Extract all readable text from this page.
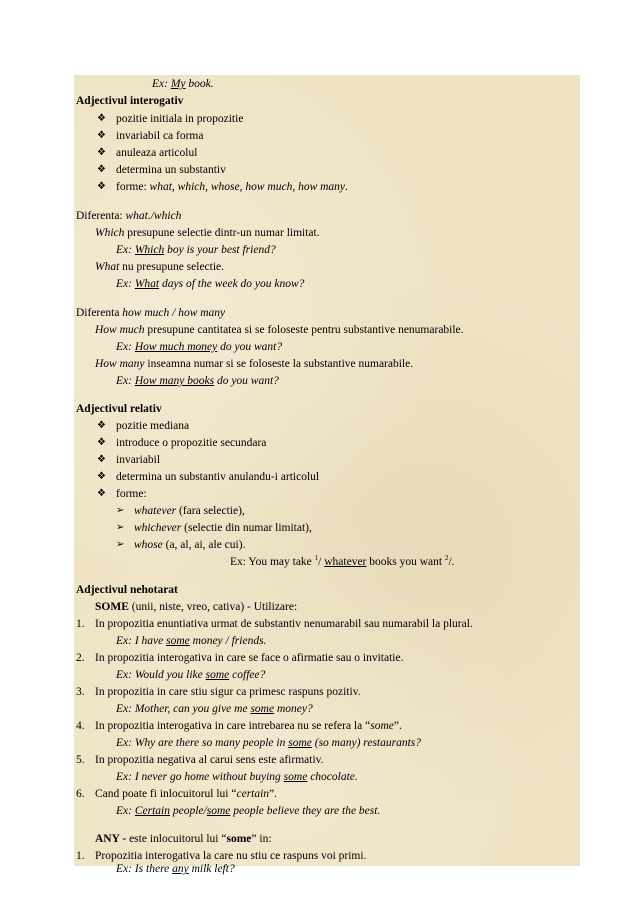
Ex: My book.
Adjectivul interogativ
❖ pozitie initiala in propozitie
❖ invariabil ca forma
❖ anuleaza articolul
❖ determina un substantiv
❖ forme: what, which, whose, how much, how many.
Diferenta: what./which
Which presupune selectie dintr-un numar limitat.
Ex: Which boy is your best friend?
What nu presupune selectie.
Ex: What days of the week do you know?
Diferenta how much / how many
How much presupune cantitatea si se foloseste pentru substantive nenumarabile.
Ex: How much money do you want?
How many inseamna numar si se foloseste la substantive numarabile.
Ex: How many books do you want?
Adjectivul relativ
❖ pozitie mediana
❖ introduce o propozitie secundara
❖ invariabil
❖ determina un substantiv anulandu-i articolul
❖ forme:
➢ whatever (fara selectie),
➢ whichever (selectie din numar limitat),
➢ whose (a, al, ai, ale cui).
Ex: You may take $^1$/ whatever books you want $^2$/.
Adjectivul nehotarat
SOME (unii, niste, vreo, cativa) - Utilizare:
1. In propozitia enuntiativa urmat de substantiv nenumarabil sau numarabil la plural.
Ex: I have some money / friends.
2. In propozitia interogativa in care se face o afirmatie sau o invitatie.
Ex: Would you like some coffee?
3. In propozitia in care stiu sigur ca primesc raspuns pozitiv.
Ex: Mother, can you give me some money?
4. In propozitia interogativa in care intrebarea nu se refera la “some”.
Ex: Why are there so many people in some (so many) restaurants?
5. In propozitia negativa al carui sens este afirmativ.
Ex: I never go home without buying some chocolate.
6. Cand poate fi inlocuitorul lui “certain”.
Ex: Certain people/some people believe they are the best.
ANY - este inlocuitorul lui “some” in:
1. Propozitia interogativa la care nu stiu ce raspuns voi primi.
Ex: Is there any milk left?
